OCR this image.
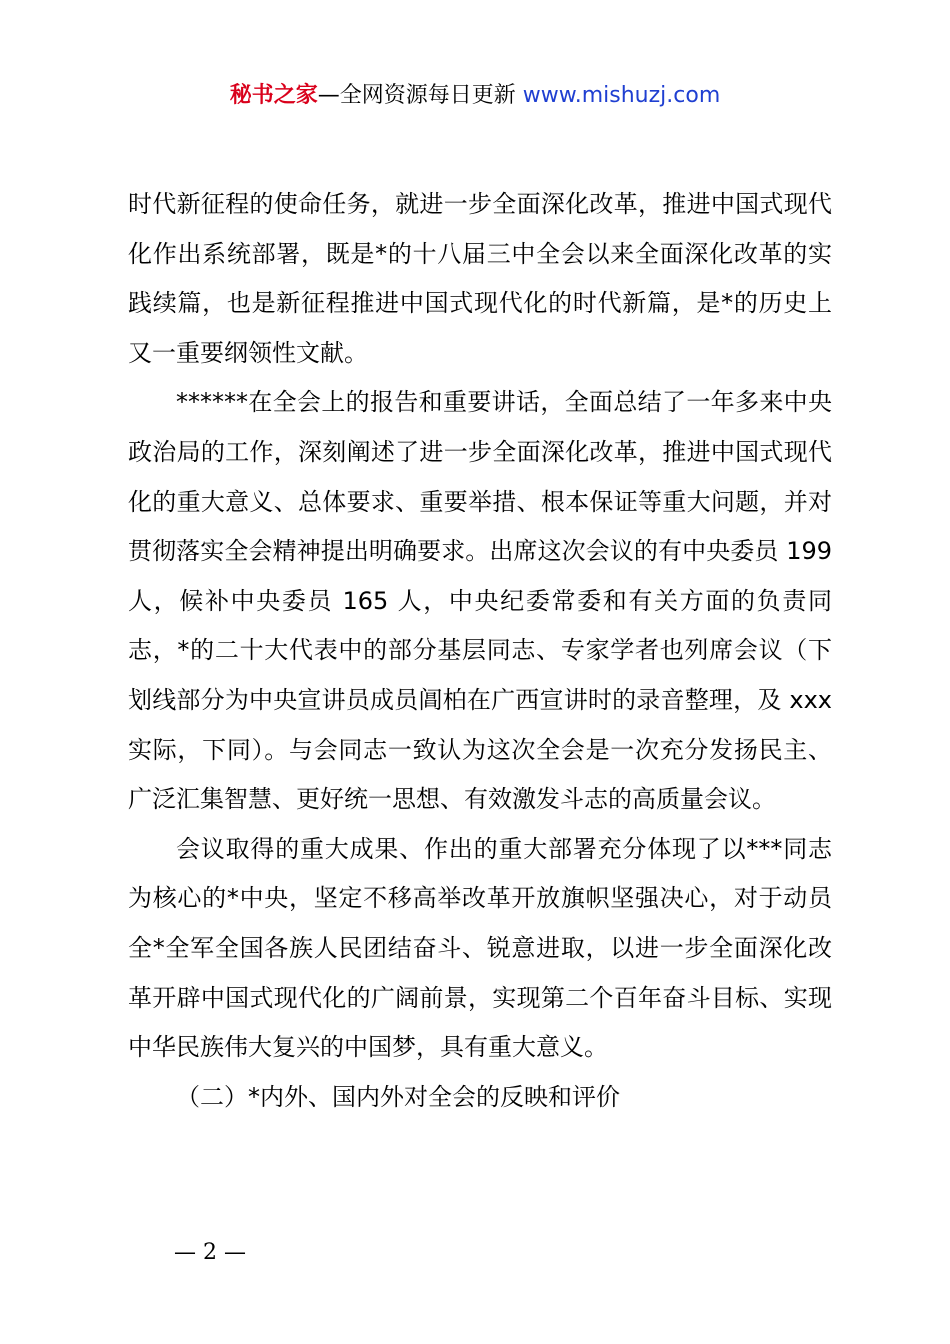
秘书之家—全网资源每日更新 www.mishuzj.com

时代新征程的使命任务，就进一步全面深化改革，推进中国式现代化作出系统部署，既是*的十八届三中全会以来全面深化改革的实践续篇，也是新征程推进中国式现代化的时代新篇，是*的历史上又一重要纲领性文献。

******在全会上的报告和重要讲话，全面总结了一年多来中央政治局的工作，深刻阐述了进一步全面深化改革，推进中国式现代化的重大意义、总体要求、重要举措、根本保证等重大问题，并对贯彻落实全会精神提出明确要求。出席这次会议的有中央委员 199 人，候补中央委员 165 人，中央纪委常委和有关方面的负责同志，*的二十大代表中的部分基层同志、专家学者也列席会议（下划线部分为中央宣讲员成员阊柏在广西宣讲时的录音整理，及 xxx 实际，下同）。与会同志一致认为这次全会是一次充分发扬民主、广泛汇集智慧、更好统一思想、有效激发斗志的高质量会议。

会议取得的重大成果、作出的重大部署充分体现了以***同志为核心的*中央，坚定不移高举改革开放旗帜坚强决心，对于动员全*全军全国各族人民团结奋斗、锐意进取，以进一步全面深化改革开辟中国式现代化的广阔前景，实现第二个百年奋斗目标、实现中华民族伟大复兴的中国梦，具有重大意义。

（二）*内外、国内外对全会的反映和评价

— 2 —
